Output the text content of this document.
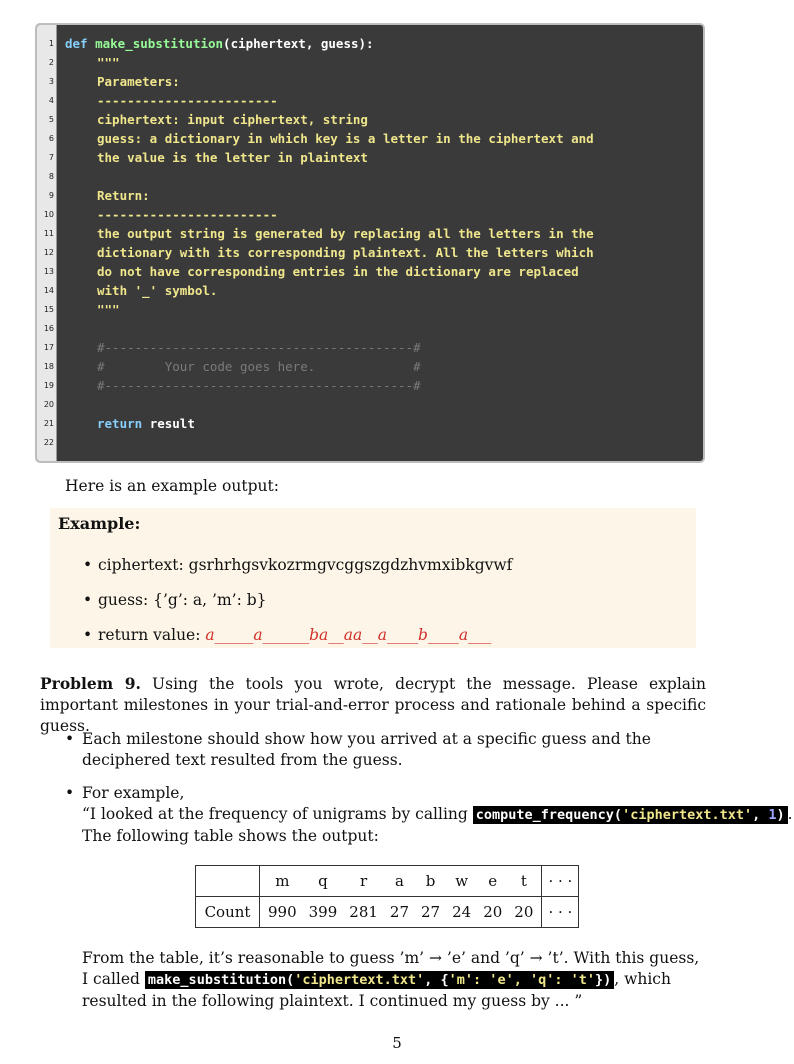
1 def make_substitution(ciphertext, guess):
2	"""
3	Parameters:
4	------------------------
5	ciphertext: input ciphertext, string
6	guess: a dictionary in which key is a letter in the ciphertext and
7	the value is the letter in plaintext
8
9	Return:
10	------------------------
11	the output string is generated by replacing all the letters in the
12	dictionary with its corresponding plaintext. All the letters which
13	do not have corresponding entries in the dictionary are replaced
14	with '_' symbol.
15	"""
16
17	#-----------------------------------------#
18	#        Your code goes here.             #
19	#-----------------------------------------#
20
21	return result
22
Here is an example output:
Example:
• ciphertext: gsrhrhgsvkozrmgvcggszgdzhvmxibkgvwf
• guess: {’g’: a, ’m’: b}
• return value: a_____a______ba__aa__a____b____a___
Problem 9. Using the tools you wrote, decrypt the message. Please explain important milestones in your trial-and-error process and rationale behind a specific guess.
• Each milestone should show how you arrived at a specific guess and the deciphered text resulted from the guess.
• For example,
“I looked at the frequency of unigrams by calling compute_frequency('ciphertext.txt', 1) .
The following table shows the output:
	m	q	r	a	b	w	e	t	· · ·
Count	990	399	281	27	27	24	20	20	· · ·
From the table, it’s reasonable to guess ’m’ → ’e’ and ’q’ → ’t’. With this guess,
I called make_substitution('ciphertext.txt', {'m': 'e', 'q': 't'}) , which
resulted in the following plaintext. I continued my guess by ... ”
5
